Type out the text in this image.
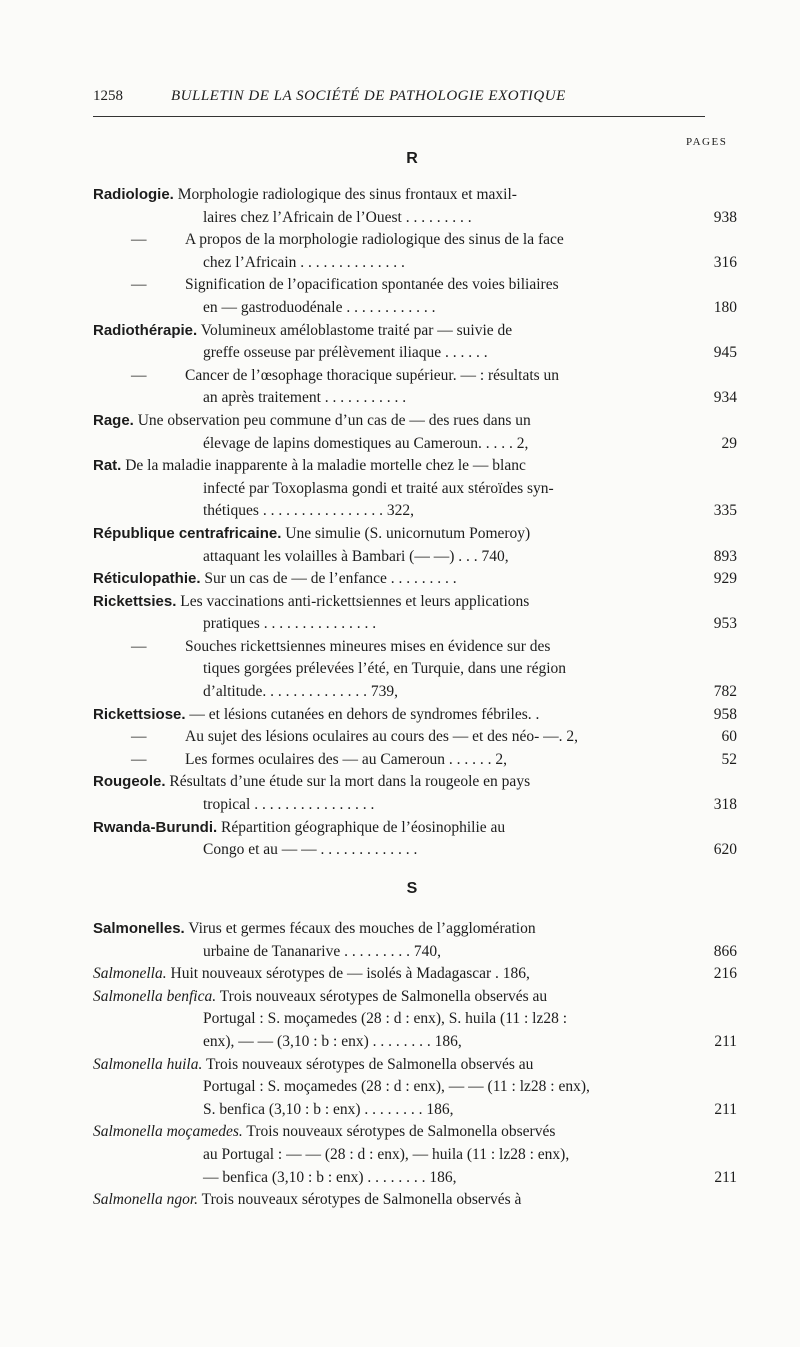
1258	BULLETIN DE LA SOCIÉTÉ DE PATHOLOGIE EXOTIQUE
PAGES
R
Radiologie. Morphologie radiologique des sinus frontaux et maxil-
laires chez l’Africain de l’Ouest . . . . . . . . .	938
— A propos de la morphologie radiologique des sinus de la face
chez l’Africain . . . . . . . . . . . . . .	316
— Signification de l’opacification spontanée des voies biliaires
en — gastroduodénale . . . . . . . . . . . .	180
Radiothérapie. Volumineux améloblastome traité par — suivie de
greffe osseuse par prélèvement iliaque . . . . . .	945
— Cancer de l’œsophage thoracique supérieur. — : résultats un
an après traitement . . . . . . . . . . .	934
Rage. Une observation peu commune d’un cas de — des rues dans un
élevage de lapins domestiques au Cameroun. . . . . 2,	29
Rat. De la maladie inapparente à la maladie mortelle chez le — blanc
infecté par Toxoplasma gondi et traité aux stéroïdes syn-
thétiques . . . . . . . . . . . . . . . . 322,	335
République centrafricaine. Une simulie (S. unicornutum Pomeroy)
attaquant les volailles à Bambari (— —) . . . 740,	893
Réticulopathie. Sur un cas de — de l’enfance . . . . . . . . .	929
Rickettsies. Les vaccinations anti-rickettsiennes et leurs applications
pratiques . . . . . . . . . . . . . . .	953
— Souches rickettsiennes mineures mises en évidence sur des
tiques gorgées prélevées l’été, en Turquie, dans une région
d’altitude. . . . . . . . . . . . . . 739,	782
Rickettsiose. — et lésions cutanées en dehors de syndromes fébriles. .	958
— Au sujet des lésions oculaires au cours des — et des néo- —. 2,	60
— Les formes oculaires des — au Cameroun . . . . . . 2,	52
Rougeole. Résultats d’une étude sur la mort dans la rougeole en pays
tropical . . . . . . . . . . . . . . . .	318
Rwanda-Burundi. Répartition géographique de l’éosinophilie au
Congo et au — — . . . . . . . . . . . . .	620
S
Salmonelles. Virus et germes fécaux des mouches de l’agglomération
urbaine de Tananarive . . . . . . . . . 740,	866
Salmonella. Huit nouveaux sérotypes de — isolés à Madagascar . 186,	216
Salmonella benfica. Trois nouveaux sérotypes de Salmonella observés au
Portugal : S. moçamedes (28 : d : enx), S. huila (11 : lz28 :
enx), — — (3,10 : b : enx) . . . . . . . . 186,	211
Salmonella huila. Trois nouveaux sérotypes de Salmonella observés au
Portugal : S. moçamedes (28 : d : enx), — — (11 : lz28 : enx),
S. benfica (3,10 : b : enx) . . . . . . . . 186,	211
Salmonella moçamedes. Trois nouveaux sérotypes de Salmonella observés
au Portugal : — — (28 : d : enx), — huila (11 : lz28 : enx),
— benfica (3,10 : b : enx) . . . . . . . . 186,	211
Salmonella ngor. Trois nouveaux sérotypes de Salmonella observés à
